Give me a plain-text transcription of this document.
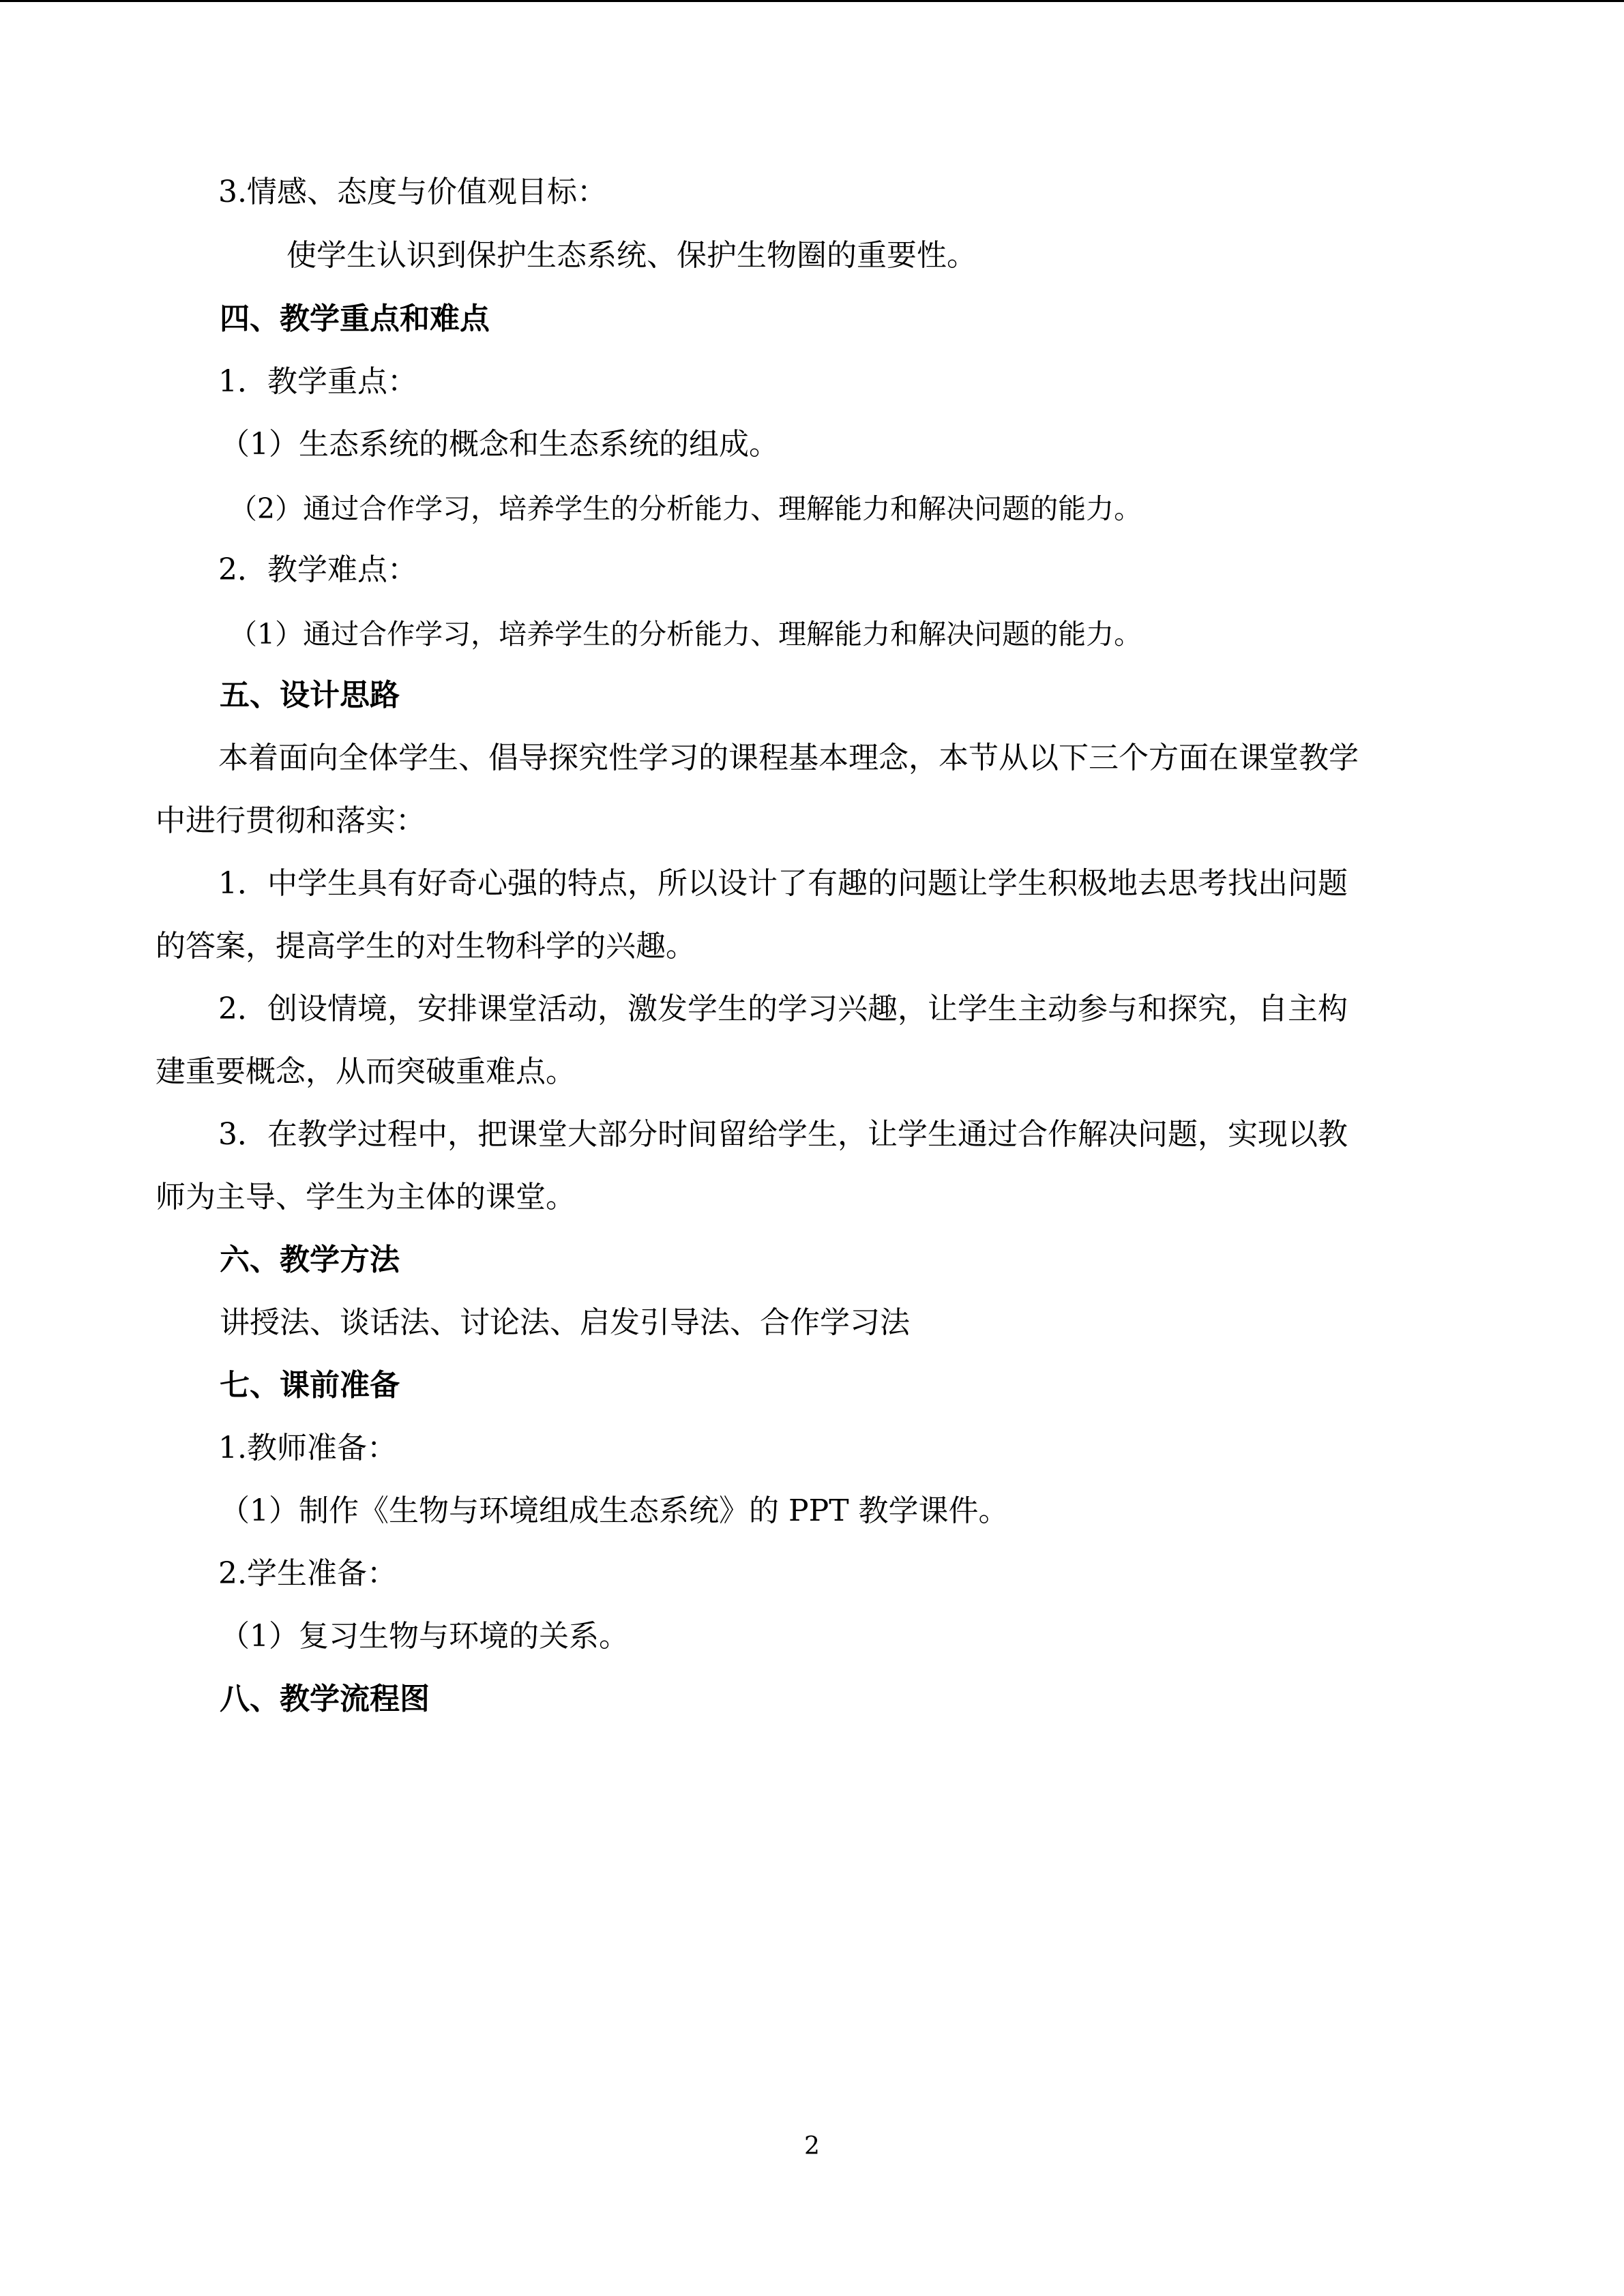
3.情感、态度与价值观目标：
使学生认识到保护生态系统、保护生物圈的重要性。
四、教学重点和难点
1．教学重点：
（1）生态系统的概念和生态系统的组成。
（2）通过合作学习，培养学生的分析能力、理解能力和解决问题的能力。
2．教学难点：
（1）通过合作学习，培养学生的分析能力、理解能力和解决问题的能力。
五、设计思路
本着面向全体学生、倡导探究性学习的课程基本理念，本节从以下三个方面在课堂教学
中进行贯彻和落实：
1．中学生具有好奇心强的特点，所以设计了有趣的问题让学生积极地去思考找出问题
的答案，提高学生的对生物科学的兴趣。
2．创设情境，安排课堂活动，激发学生的学习兴趣，让学生主动参与和探究，自主构
建重要概念，从而突破重难点。
3．在教学过程中，把课堂大部分时间留给学生，让学生通过合作解决问题，实现以教
师为主导、学生为主体的课堂。
六、教学方法
讲授法、谈话法、讨论法、启发引导法、合作学习法
七、课前准备
1.教师准备：
（1）制作《生物与环境组成生态系统》的 PPT 教学课件。
2.学生准备：
（1）复习生物与环境的关系。
八、教学流程图
2
